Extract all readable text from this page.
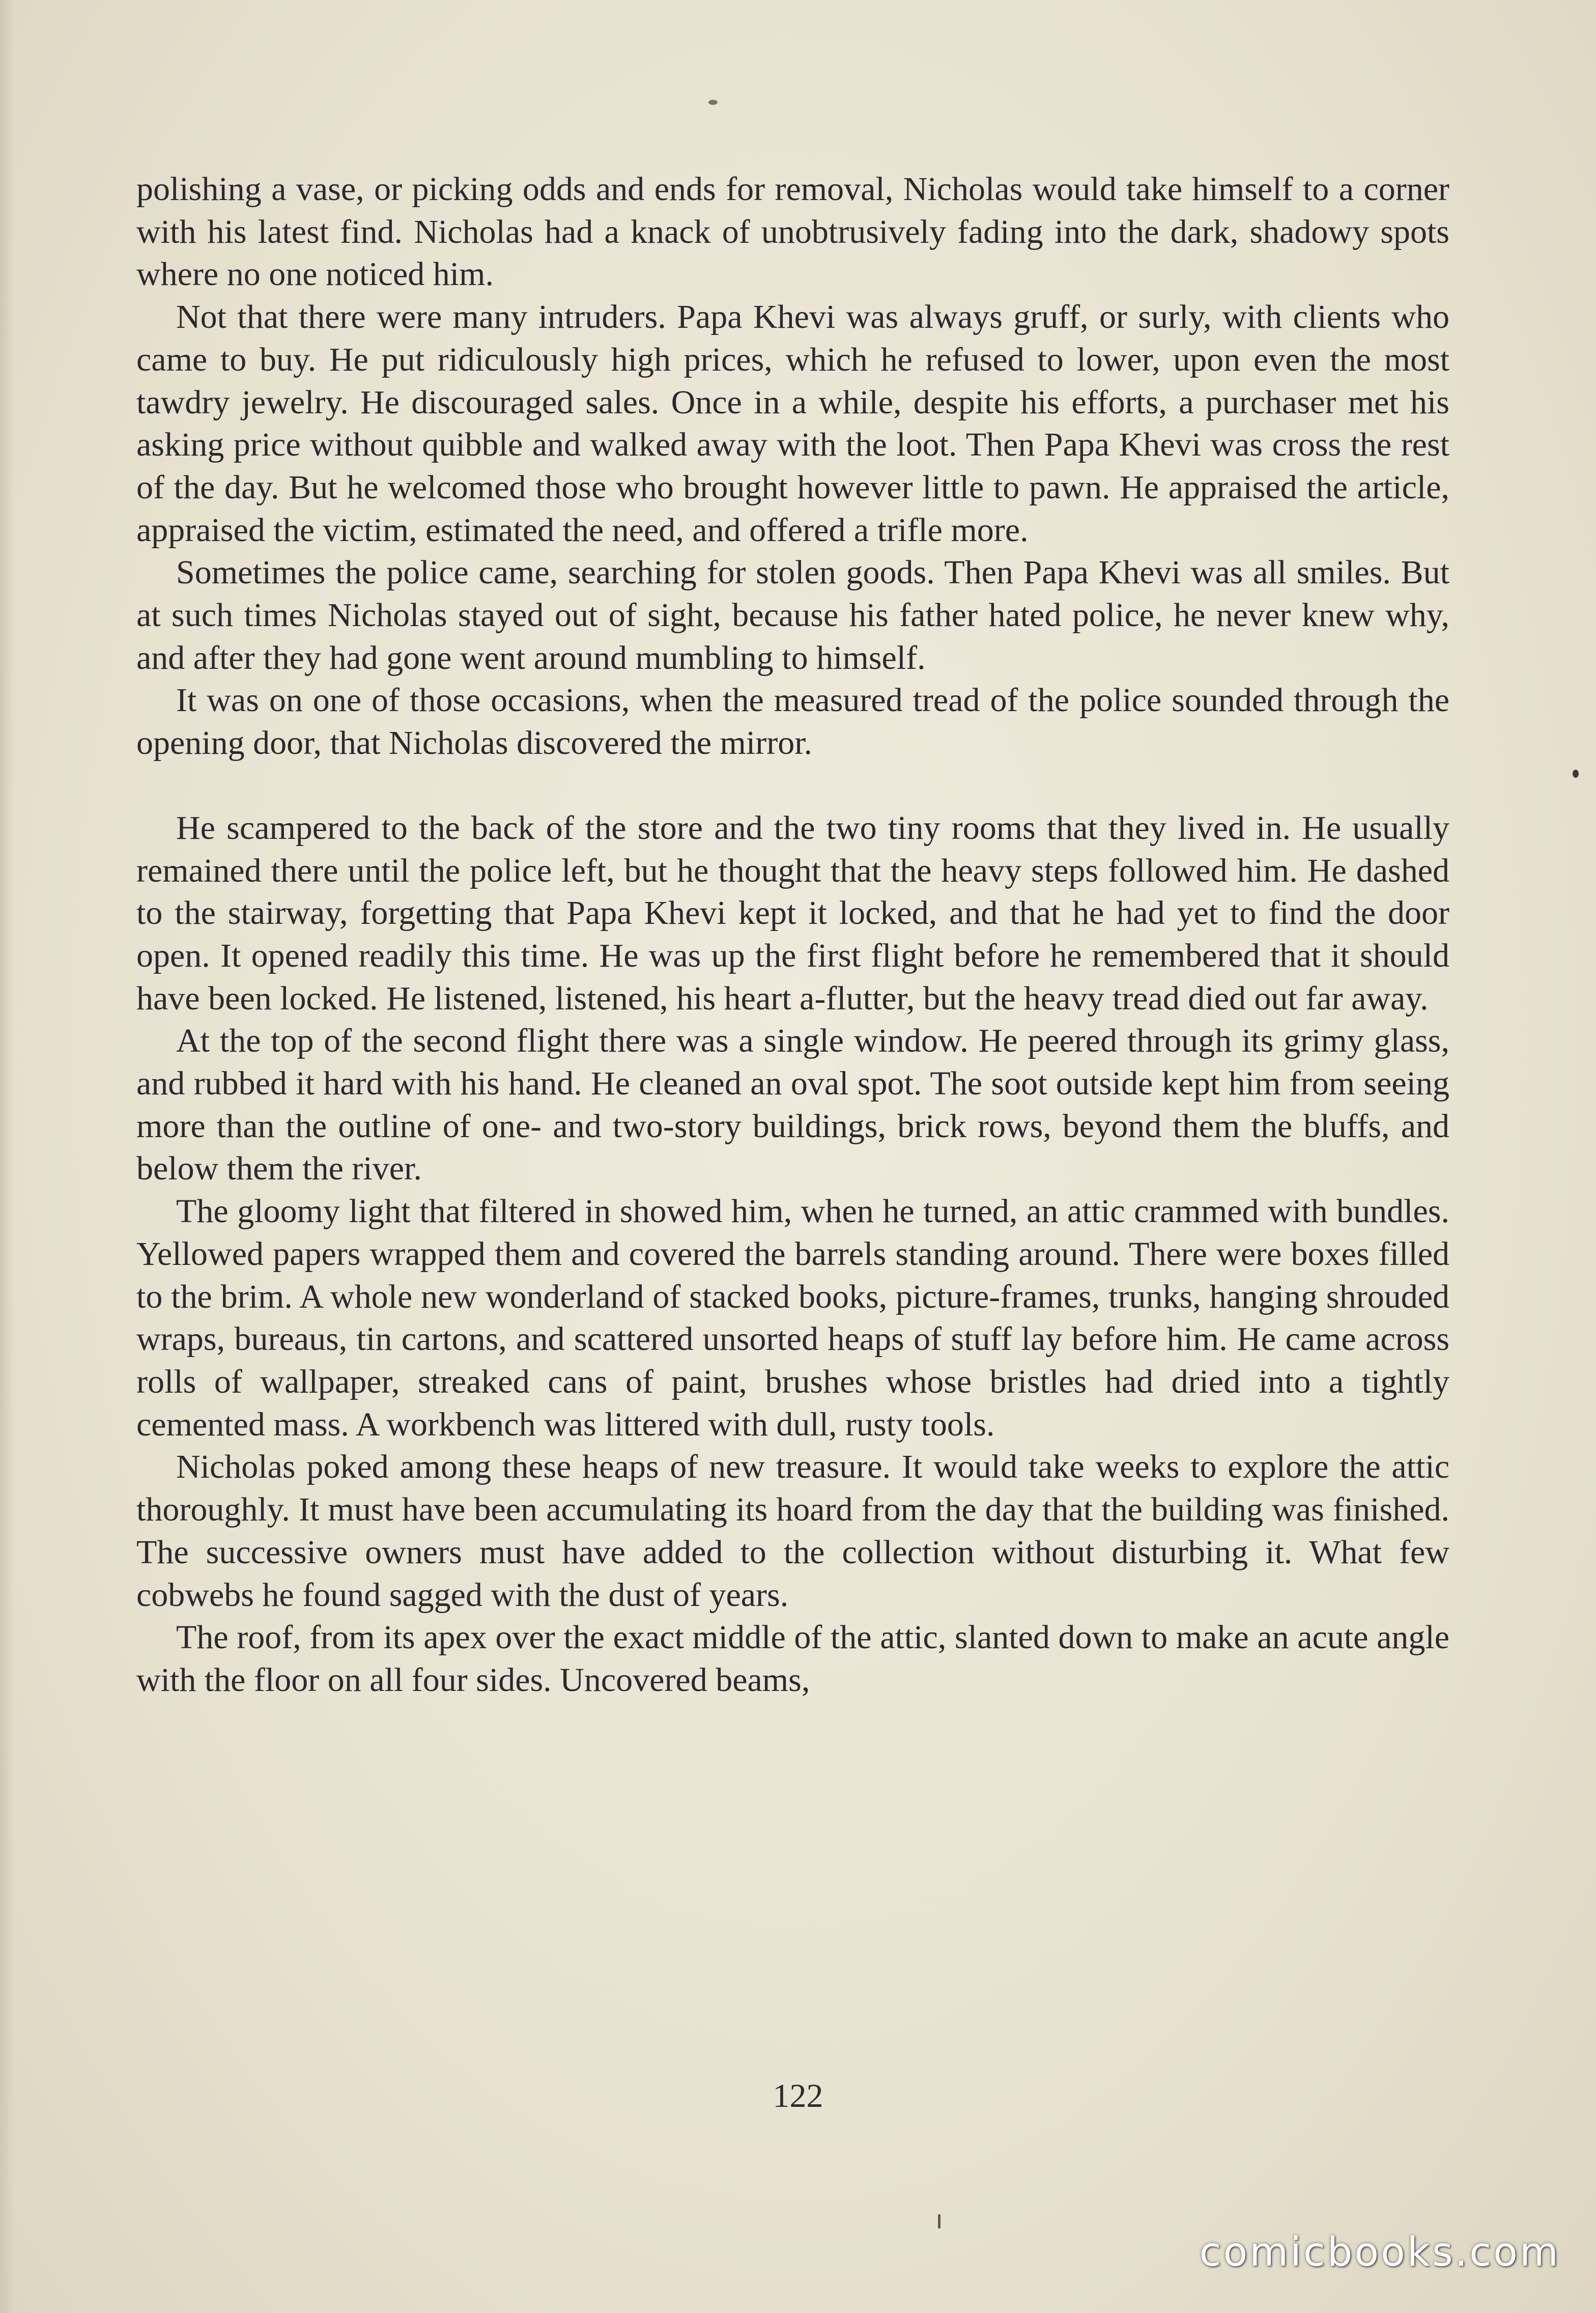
polishing a vase, or picking odds and ends for removal, Nicholas would take himself to a corner with his latest find. Nicholas had a knack of unobtrusively fading into the dark, shadowy spots where no one noticed him.

Not that there were many intruders. Papa Khevi was always gruff, or surly, with clients who came to buy. He put ridiculously high prices, which he refused to lower, upon even the most tawdry jewelry. He discouraged sales. Once in a while, despite his efforts, a purchaser met his asking price without quibble and walked away with the loot. Then Papa Khevi was cross the rest of the day. But he welcomed those who brought however little to pawn. He appraised the article, appraised the victim, estimated the need, and offered a trifle more.

Sometimes the police came, searching for stolen goods. Then Papa Khevi was all smiles. But at such times Nicholas stayed out of sight, because his father hated police, he never knew why, and after they had gone went around mumbling to himself.

It was on one of those occasions, when the measured tread of the police sounded through the opening door, that Nicholas discovered the mirror.

He scampered to the back of the store and the two tiny rooms that they lived in. He usually remained there until the police left, but he thought that the heavy steps followed him. He dashed to the stairway, forgetting that Papa Khevi kept it locked, and that he had yet to find the door open. It opened readily this time. He was up the first flight before he remembered that it should have been locked. He listened, listened, his heart a-flutter, but the heavy tread died out far away.

At the top of the second flight there was a single window. He peered through its grimy glass, and rubbed it hard with his hand. He cleaned an oval spot. The soot outside kept him from seeing more than the outline of one- and two-story buildings, brick rows, beyond them the bluffs, and below them the river.

The gloomy light that filtered in showed him, when he turned, an attic crammed with bundles. Yellowed papers wrapped them and covered the barrels standing around. There were boxes filled to the brim. A whole new wonderland of stacked books, picture-frames, trunks, hanging shrouded wraps, bureaus, tin cartons, and scattered unsorted heaps of stuff lay before him. He came across rolls of wallpaper, streaked cans of paint, brushes whose bristles had dried into a tightly cemented mass. A workbench was littered with dull, rusty tools.

Nicholas poked among these heaps of new treasure. It would take weeks to explore the attic thoroughly. It must have been accumulating its hoard from the day that the building was finished. The successive owners must have added to the collection without disturbing it. What few cobwebs he found sagged with the dust of years.

The roof, from its apex over the exact middle of the attic, slanted down to make an acute angle with the floor on all four sides. Uncovered beams,

122
comicbooks.com
